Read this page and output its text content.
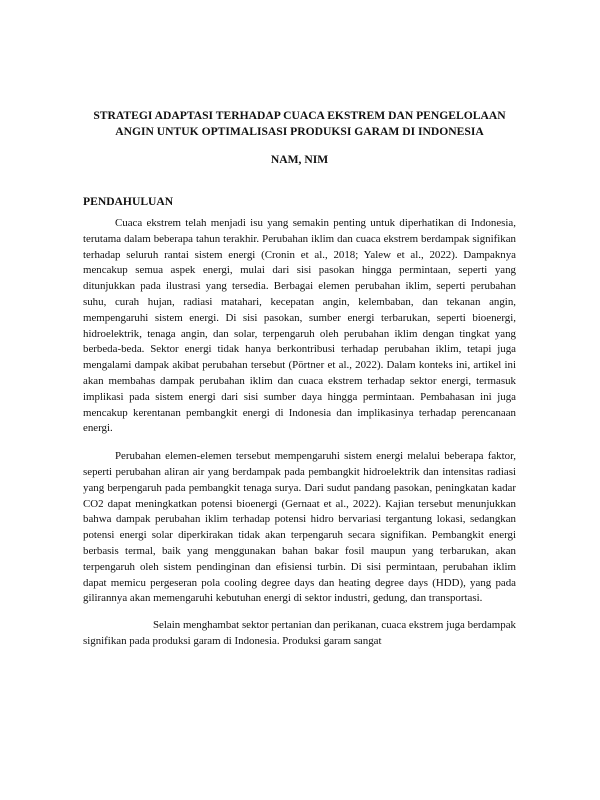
STRATEGI ADAPTASI TERHADAP CUACA EKSTREM DAN PENGELOLAAN ANGIN UNTUK OPTIMALISASI PRODUKSI GARAM DI INDONESIA

NAM, NIM

PENDAHULUAN

Cuaca ekstrem telah menjadi isu yang semakin penting untuk diperhatikan di Indonesia, terutama dalam beberapa tahun terakhir. Perubahan iklim dan cuaca ekstrem berdampak signifikan terhadap seluruh rantai sistem energi (Cronin et al., 2018; Yalew et al., 2022). Dampaknya mencakup semua aspek energi, mulai dari sisi pasokan hingga permintaan, seperti yang ditunjukkan pada ilustrasi yang tersedia. Berbagai elemen perubahan iklim, seperti perubahan suhu, curah hujan, radiasi matahari, kecepatan angin, kelembaban, dan tekanan angin, mempengaruhi sistem energi. Di sisi pasokan, sumber energi terbarukan, seperti bioenergi, hidroelektrik, tenaga angin, dan solar, terpengaruh oleh perubahan iklim dengan tingkat yang berbeda-beda. Sektor energi tidak hanya berkontribusi terhadap perubahan iklim, tetapi juga mengalami dampak akibat perubahan tersebut (Pörtner et al., 2022). Dalam konteks ini, artikel ini akan membahas dampak perubahan iklim dan cuaca ekstrem terhadap sektor energi, termasuk implikasi pada sistem energi dari sisi sumber daya hingga permintaan. Pembahasan ini juga mencakup kerentanan pembangkit energi di Indonesia dan implikasinya terhadap perencanaan energi.

Perubahan elemen-elemen tersebut mempengaruhi sistem energi melalui beberapa faktor, seperti perubahan aliran air yang berdampak pada pembangkit hidroelektrik dan intensitas radiasi yang berpengaruh pada pembangkit tenaga surya. Dari sudut pandang pasokan, peningkatan kadar CO2 dapat meningkatkan potensi bioenergi (Gernaat et al., 2022). Kajian tersebut menunjukkan bahwa dampak perubahan iklim terhadap potensi hidro bervariasi tergantung lokasi, sedangkan potensi energi solar diperkirakan tidak akan terpengaruh secara signifikan. Pembangkit energi berbasis termal, baik yang menggunakan bahan bakar fosil maupun yang terbarukan, akan terpengaruh oleh sistem pendinginan dan efisiensi turbin. Di sisi permintaan, perubahan iklim dapat memicu pergeseran pola cooling degree days dan heating degree days (HDD), yang pada gilirannya akan memengaruhi kebutuhan energi di sektor industri, gedung, dan transportasi.

Selain menghambat sektor pertanian dan perikanan, cuaca ekstrem juga berdampak signifikan pada produksi garam di Indonesia. Produksi garam sangat
